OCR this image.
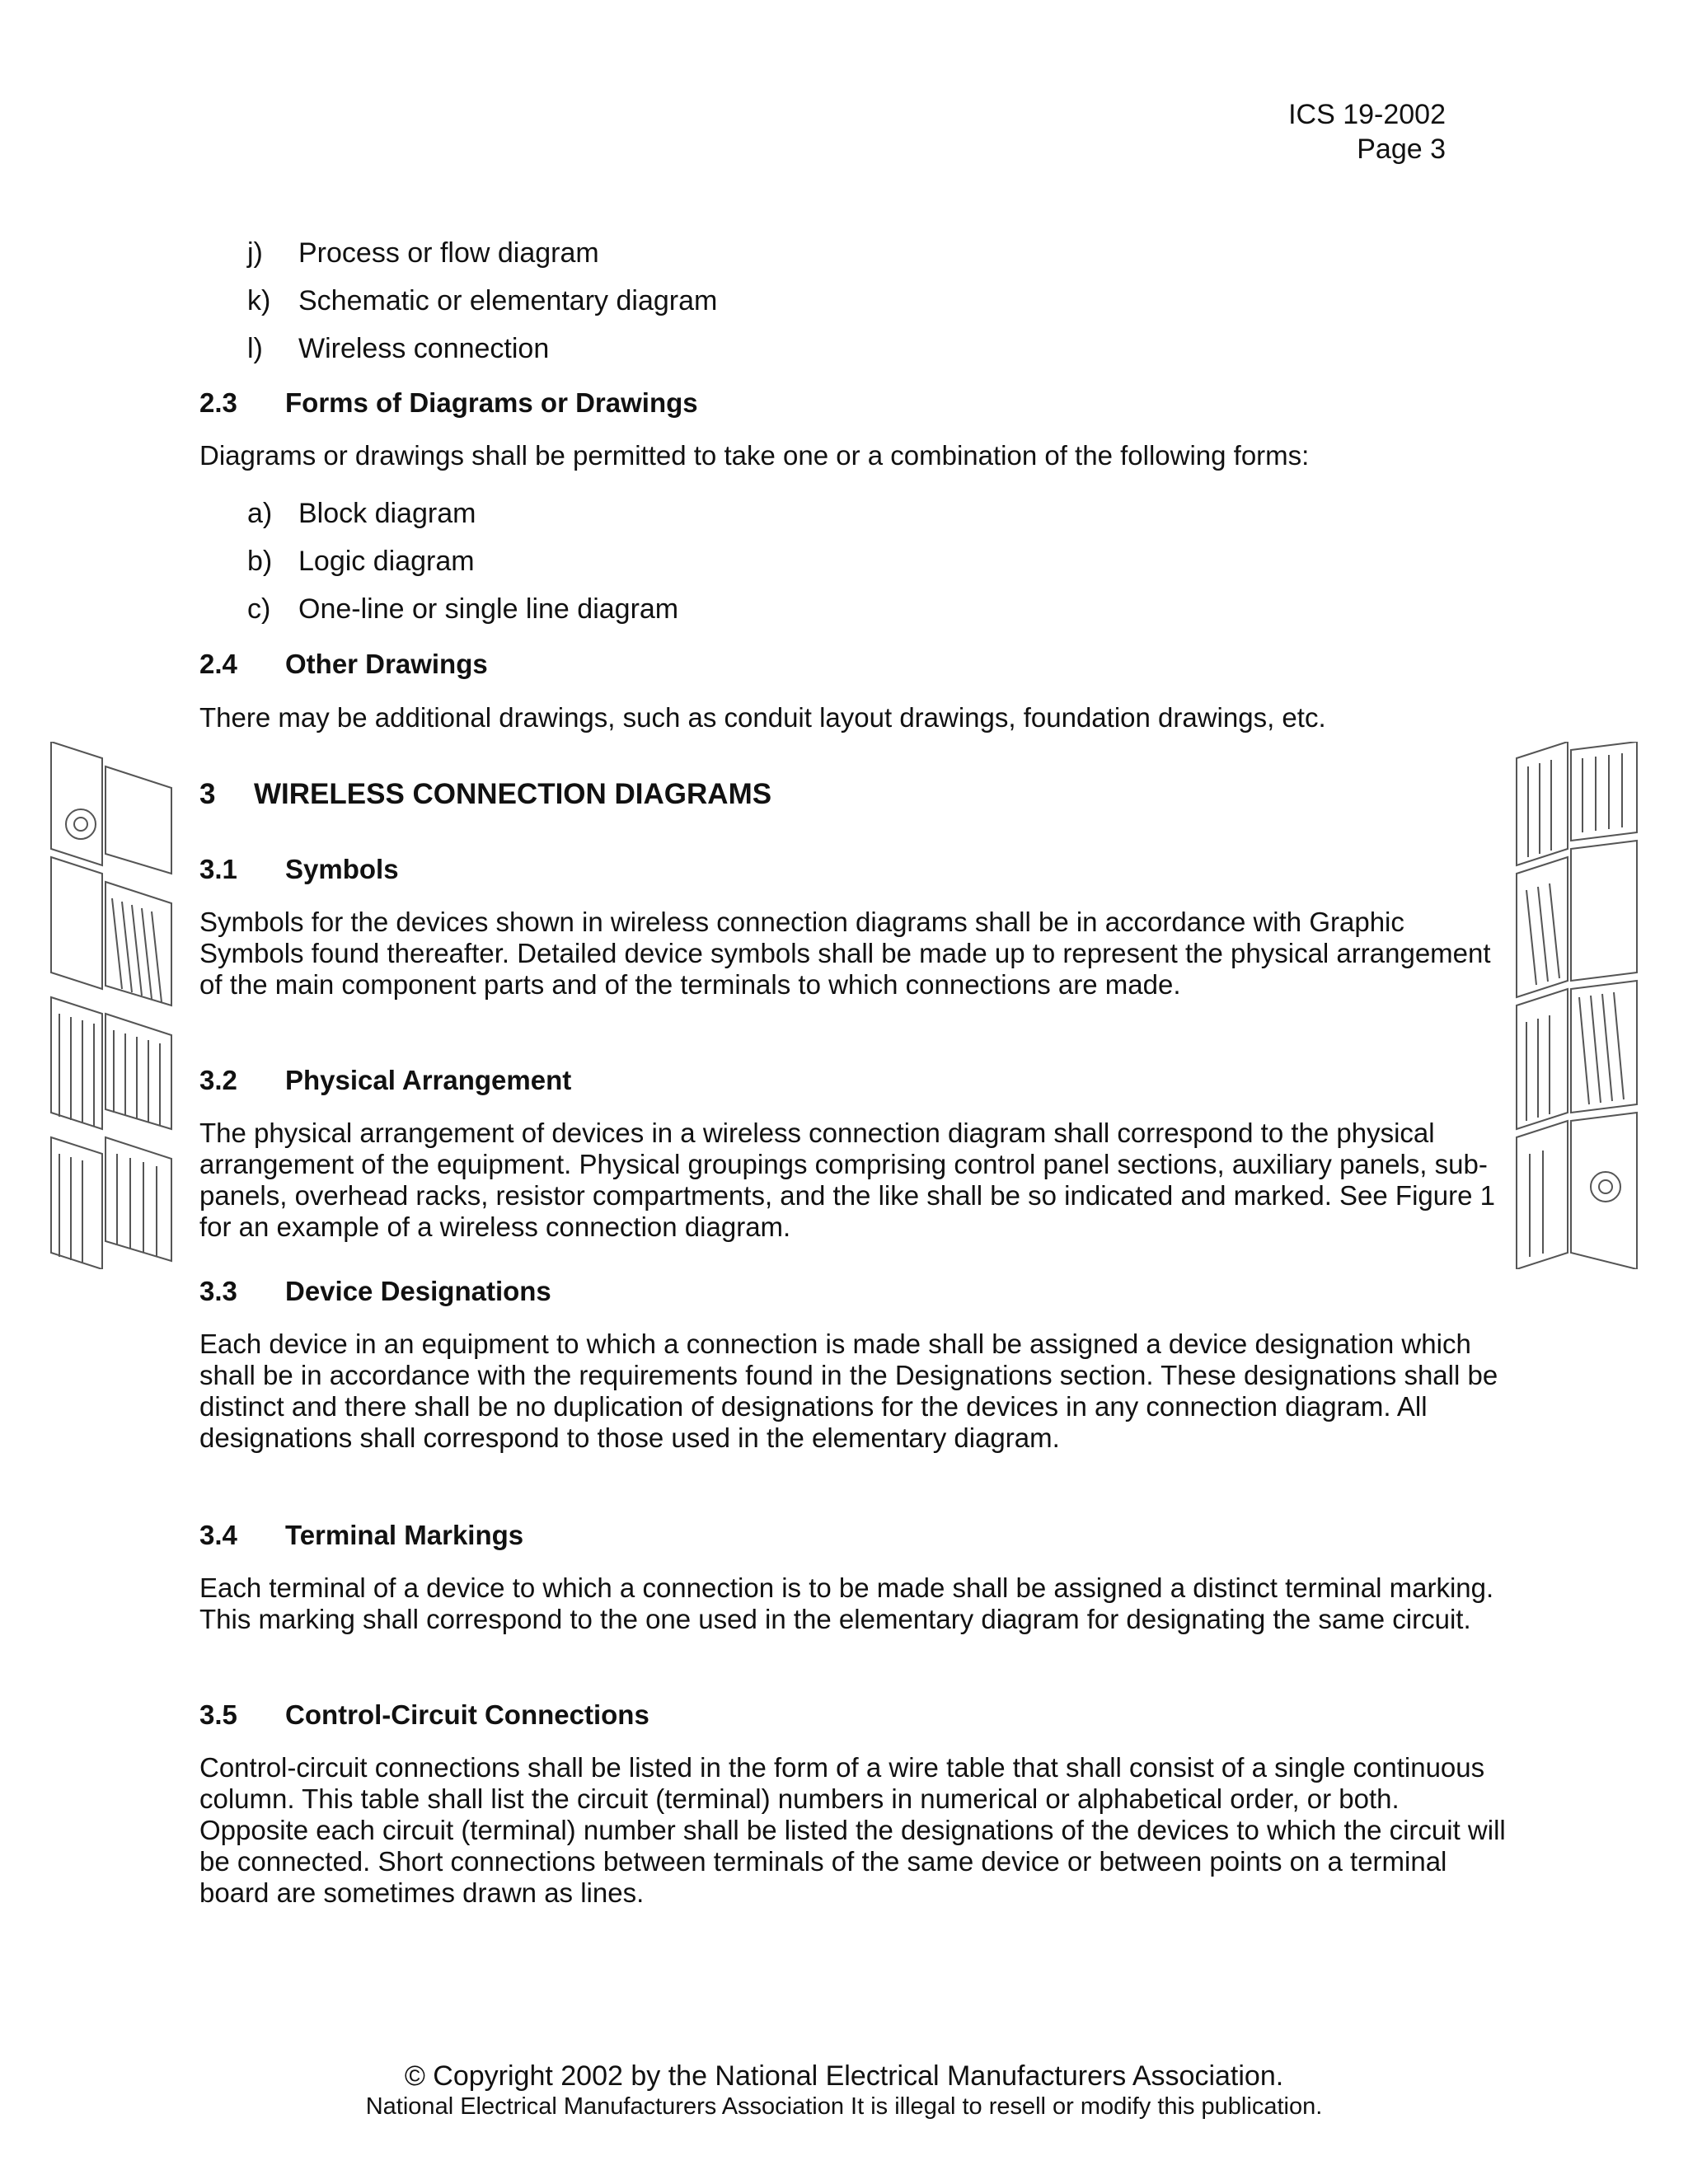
ICS 19-2002
Page 3
j) Process or flow diagram
k) Schematic or elementary diagram
l) Wireless connection
2.3 Forms of Diagrams or Drawings
Diagrams or drawings shall be permitted to take one or a combination of the following forms:
a) Block diagram
b) Logic diagram
c) One-line or single line diagram
2.4 Other Drawings
There may be additional drawings, such as conduit layout drawings, foundation drawings, etc.
3 WIRELESS CONNECTION DIAGRAMS
3.1 Symbols
Symbols for the devices shown in wireless connection diagrams shall be in accordance with Graphic Symbols found thereafter. Detailed device symbols shall be made up to represent the physical arrangement of the main component parts and of the terminals to which connections are made.
3.2 Physical Arrangement
The physical arrangement of devices in a wireless connection diagram shall correspond to the physical arrangement of the equipment. Physical groupings comprising control panel sections, auxiliary panels, sub-panels, overhead racks, resistor compartments, and the like shall be so indicated and marked. See Figure 1 for an example of a wireless connection diagram.
3.3 Device Designations
Each device in an equipment to which a connection is made shall be assigned a device designation which shall be in accordance with the requirements found in the Designations section. These designations shall be distinct and there shall be no duplication of designations for the devices in any connection diagram. All designations shall correspond to those used in the elementary diagram.
3.4 Terminal Markings
Each terminal of a device to which a connection is to be made shall be assigned a distinct terminal marking. This marking shall correspond to the one used in the elementary diagram for designating the same circuit.
3.5 Control-Circuit Connections
Control-circuit connections shall be listed in the form of a wire table that shall consist of a single continuous column. This table shall list the circuit (terminal) numbers in numerical or alphabetical order, or both. Opposite each circuit (terminal) number shall be listed the designations of the devices to which the circuit will be connected. Short connections between terminals of the same device or between points on a terminal board are sometimes drawn as lines.
© Copyright 2002 by the National Electrical Manufacturers Association.
National Electrical Manufacturers Association It is illegal to resell or modify this publication.
